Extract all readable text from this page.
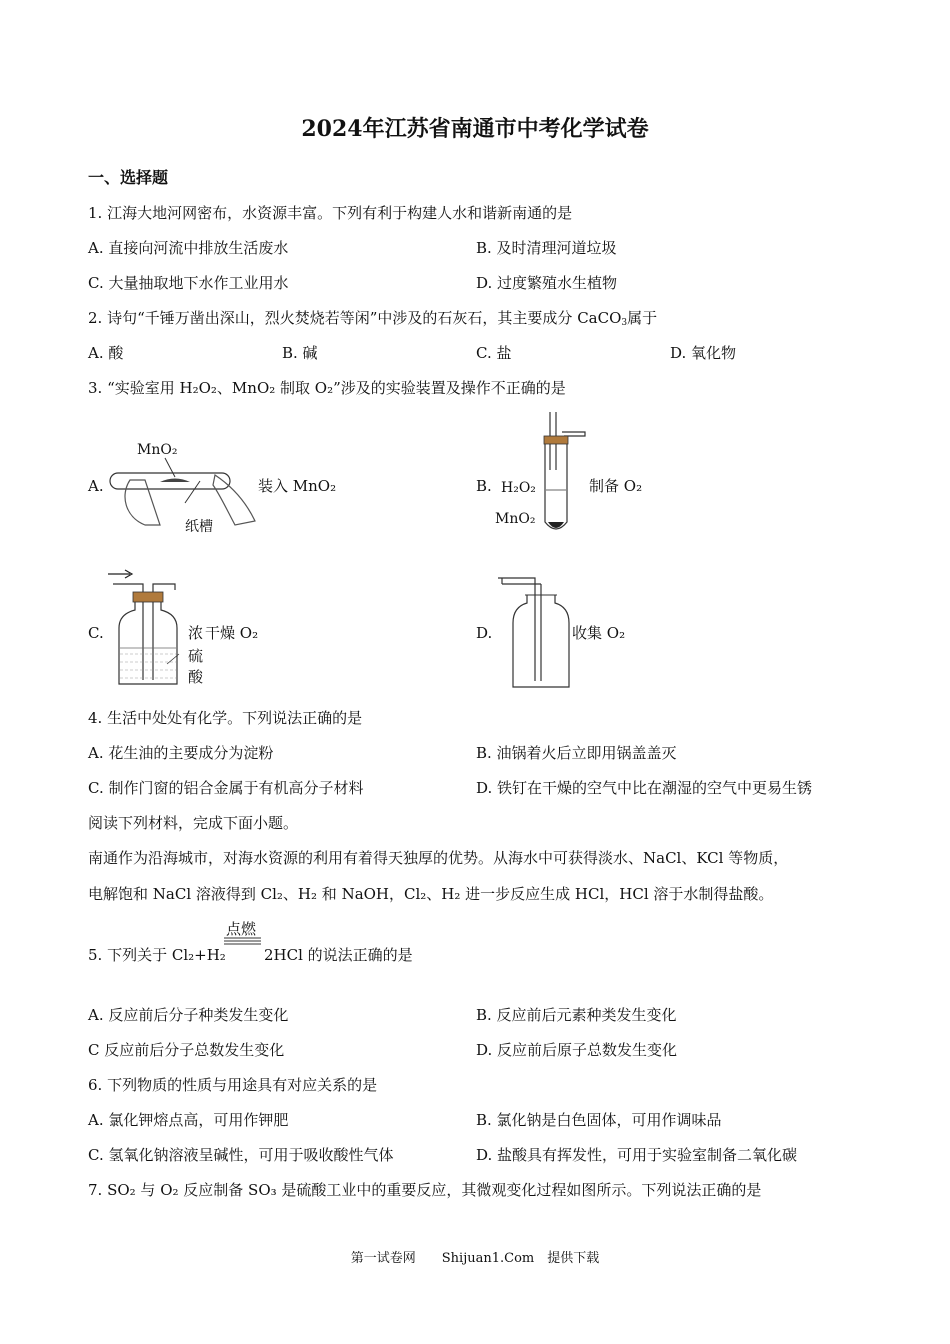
2024年江苏省南通市中考化学试卷
一、选择题
1. 江海大地河网密布，水资源丰富。下列有利于构建人水和谐新南通的是
A. 直接向河流中排放生活废水	B. 及时清理河道垃圾
C. 大量抽取地下水作工业用水	D. 过度繁殖水生植物
2. 诗句“千锤万凿出深山，烈火焚烧若等闲”中涉及的石灰石，其主要成分 CaCO$_3$属于
A. 酸	B. 碱	C. 盐	D. 氧化物
3. “实验室用 H₂O₂、MnO₂ 制取 O₂”涉及的实验装置及操作不正确的是
A.
MnO₂
纸槽
装入 MnO₂	B. H₂O₂
MnO₂
制备 O₂
C.	浓
硫
酸
干燥 O₂	D.	收集 O₂
4. 生活中处处有化学。下列说法正确的是
A. 花生油的主要成分为淀粉	B. 油锅着火后立即用锅盖盖灭
C. 制作门窗的铝合金属于有机高分子材料	D. 铁钉在干燥的空气中比在潮湿的空气中更易生锈
阅读下列材料，完成下面小题。
南通作为沿海城市，对海水资源的利用有着得天独厚的优势。从海水中可获得淡水、NaCl、KCl 等物质，
电解饱和 NaCl 溶液得到 Cl₂、H₂ 和 NaOH，Cl₂、H₂ 进一步反应生成 HCl，HCl 溶于水制得盐酸。
5. 下列关于 Cl₂+H₂
点燃
2HCl 的说法正确的是
A. 反应前后分子种类发生变化	B. 反应前后元素种类发生变化
C 反应前后分子总数发生变化	D. 反应前后原子总数发生变化
6. 下列物质的性质与用途具有对应关系的是
A. 氯化钾熔点高，可用作钾肥	B. 氯化钠是白色固体，可用作调味品
C. 氢氧化钠溶液呈碱性，可用于吸收酸性气体	D. 盐酸具有挥发性，可用于实验室制备二氧化碳
7. SO₂ 与 O₂ 反应制备 SO₃ 是硫酸工业中的重要反应，其微观变化过程如图所示。下列说法正确的是
第一试卷网　　Shijuan1.Com　提供下载
